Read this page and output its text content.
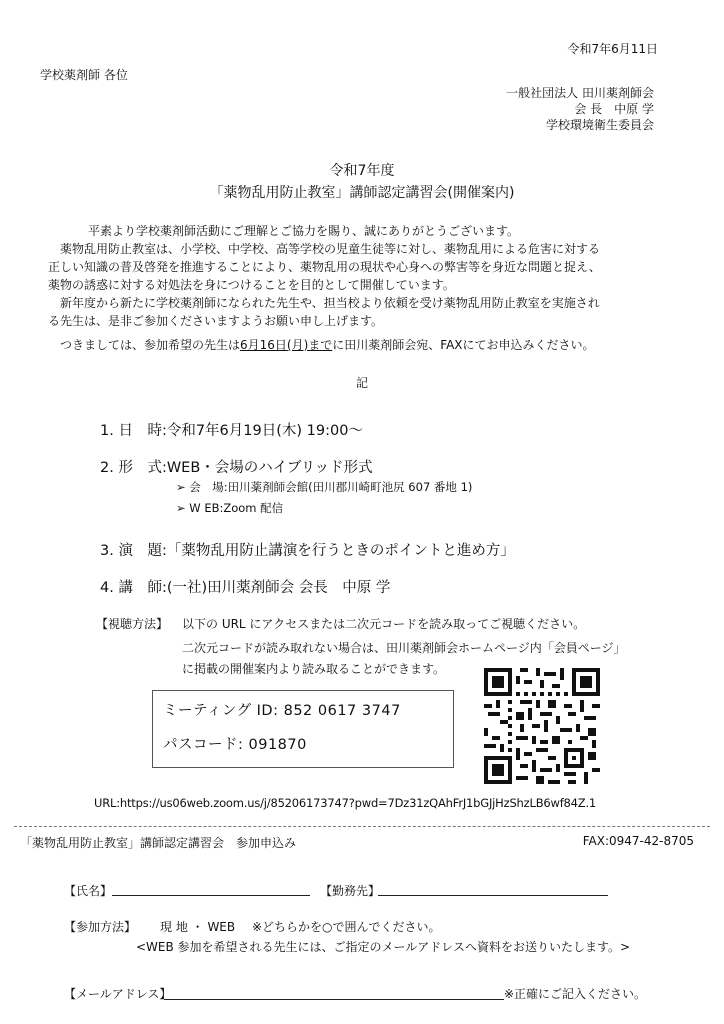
令和7年6月11日
学校薬剤師 各位
一般社団法人 田川薬剤師会
会 長　中原 学
学校環境衛生委員会
令和7年度
「薬物乱用防止教室」講師認定講習会(開催案内)
平素より学校薬剤師活動にご理解とご協力を賜り、誠にありがとうございます。
薬物乱用防止教室は、小学校、中学校、高等学校の児童生徒等に対し、薬物乱用による危害に対する
正しい知識の普及啓発を推進することにより、薬物乱用の現状や心身への弊害等を身近な問題と捉え、
薬物の誘惑に対する対処法を身につけることを目的として開催しています。
新年度から新たに学校薬剤師になられた先生や、担当校より依頼を受け薬物乱用防止教室を実施され
る先生は、是非ご参加くださいますようお願い申し上げます。
つきましては、参加希望の先生は6月16日(月)までに田川薬剤師会宛、FAXにてお申込みください。
記
1. 日　時:令和7年6月19日(木) 19:00～
2. 形　式:WEB・会場のハイブリッド形式
➢ 会　場:田川薬剤師会館(田川郡川崎町池尻 607 番地 1)
➢ W EB:Zoom 配信
3. 演　題:「薬物乱用防止講演を行うときのポイントと進め方」
4. 講　師:(一社)田川薬剤師会 会長　中原 学
【視聴方法】 以下の URL にアクセスまたは二次元コードを読み取ってご視聴ください。
二次元コードが読み取れない場合は、田川薬剤師会ホームページ内「会員ページ」
に掲載の開催案内より読み取ることができます。
ミーティング ID: 852 0617 3747
パスコード: 091870
URL:https://us06web.zoom.us/j/85206173747?pwd=7Dz31zQAhFrJ1bGJjHzShzLB6wf84Z.1
「薬物乱用防止教室」講師認定講習会　参加申込み	FAX:0947-42-8705
【氏名】	【勤務先】
【参加方法】 現 地 ・ WEB ※どちらかを○で囲んでください。
<WEB 参加を希望される先生には、ご指定のメールアドレスへ資料をお送りいたします。>
【メールアドレス】	※正確にご記入ください。
